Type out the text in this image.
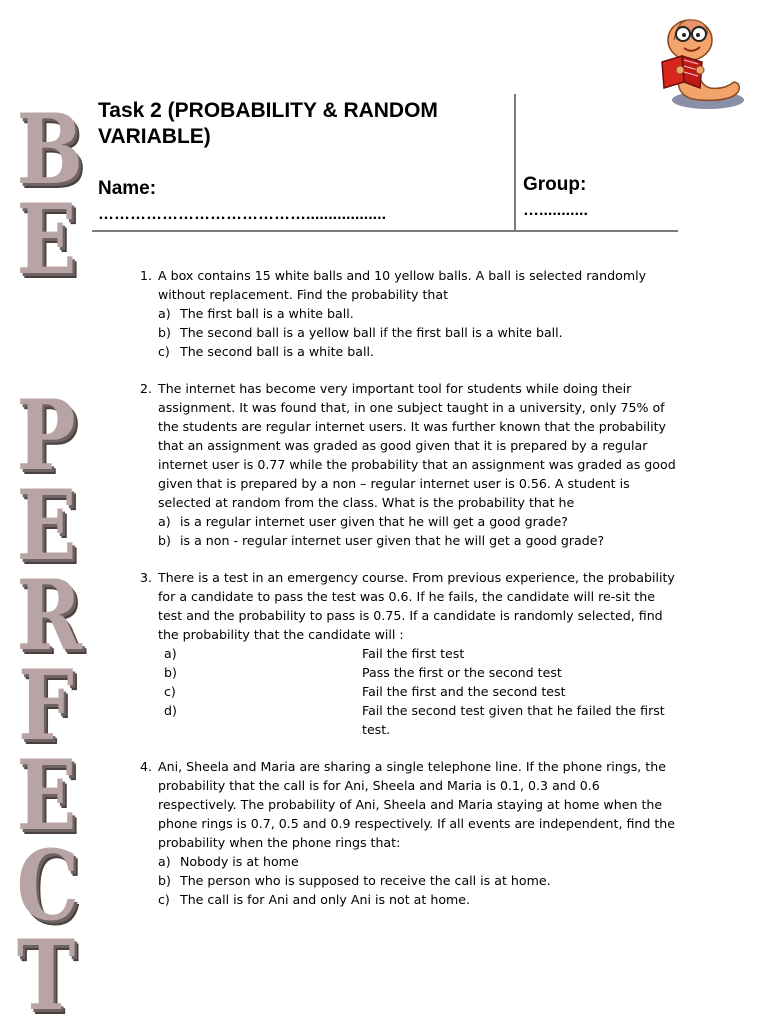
B
E
P
E
R
F
E
C
T
Task 2 (PROBABILITY & RANDOM VARIABLE)
Name:
…………………………………..................
Group:
…...........
1. A box contains 15 white balls and 10 yellow balls. A ball is selected randomly without replacement. Find the probability that
a) The first ball is a white ball.
b) The second ball is a yellow ball if the first ball is a white ball.
c) The second ball is a white ball.
2. The internet has become very important tool for students while doing their assignment. It was found that, in one subject taught in a university, only 75% of the students are regular internet users. It was further known that the probability that an assignment was graded as good given that it is prepared by a regular internet user is 0.77 while the probability that an assignment was graded as good given that is prepared by a non – regular internet user is 0.56. A student is selected at random from the class. What is the probability that he
a) is a regular internet user given that he will get a good grade?
b) is a non - regular internet user given that he will get a good grade?
3. There is a test in an emergency course. From previous experience, the probability for a candidate to pass the test was 0.6. If he fails, the candidate will re-sit the test and the probability to pass is 0.75. If a candidate is randomly selected, find the probability that the candidate will :
a)	Fail the first test
b)	Pass the first or the second test
c)	Fail the first and the second test
d)	Fail the second test given that he failed the first test.
4. Ani, Sheela and Maria are sharing a single telephone line. If the phone rings, the probability that the call is for Ani, Sheela and Maria is 0.1, 0.3 and 0.6 respectively. The probability of Ani, Sheela and Maria staying at home when the phone rings is 0.7, 0.5 and 0.9 respectively. If all events are independent, find the probability when the phone rings that:
a) Nobody is at home
b) The person who is supposed to receive the call is at home.
c) The call is for Ani and only Ani is not at home.
